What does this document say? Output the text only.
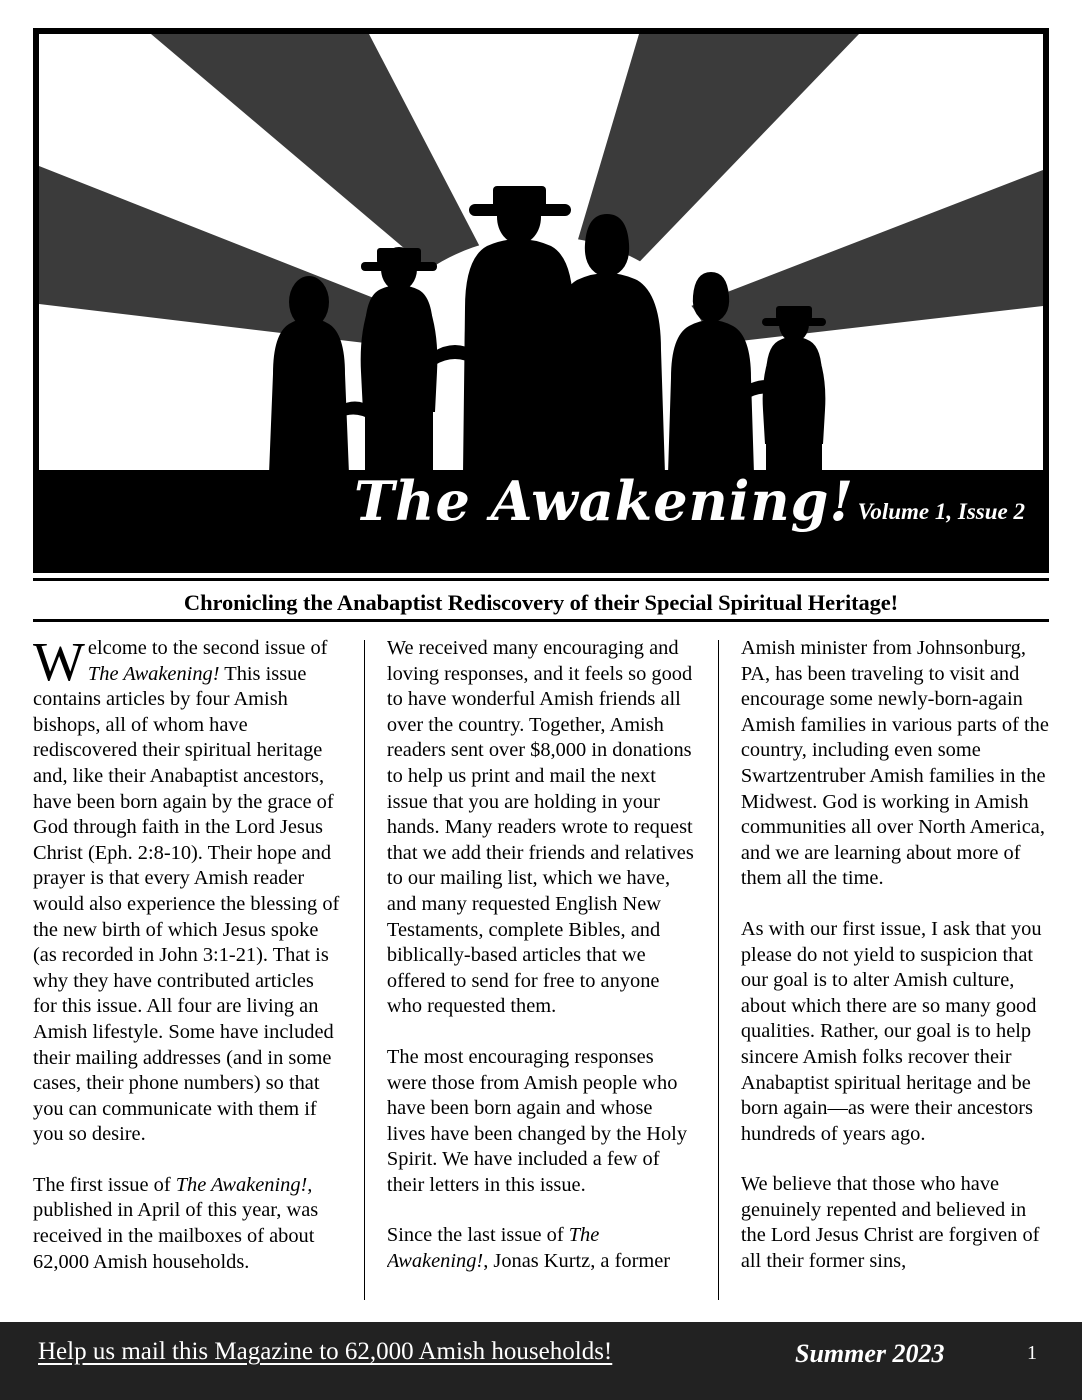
The Awakening! Volume 1, Issue 2
Chronicling the Anabaptist Rediscovery of their Special Spiritual Heritage!

Welcome to the second issue of The Awakening! This issue contains articles by four Amish bishops, all of whom have rediscovered their spiritual heritage and, like their Anabaptist ancestors, have been born again by the grace of God through faith in the Lord Jesus Christ (Eph. 2:8-10). Their hope and prayer is that every Amish reader would also experience the blessing of the new birth of which Jesus spoke (as recorded in John 3:1-21). That is why they have contributed articles for this issue. All four are living an Amish lifestyle. Some have included their mailing addresses (and in some cases, their phone numbers) so that you can communicate with them if you so desire.

The first issue of The Awakening!, published in April of this year, was received in the mailboxes of about 62,000 Amish households.

We received many encouraging and loving responses, and it feels so good to have wonderful Amish friends all over the country. Together, Amish readers sent over $8,000 in donations to help us print and mail the next issue that you are holding in your hands. Many readers wrote to request that we add their friends and relatives to our mailing list, which we have, and many requested English New Testaments, complete Bibles, and biblically-based articles that we offered to send for free to anyone who requested them.

The most encouraging responses were those from Amish people who have been born again and whose lives have been changed by the Holy Spirit. We have included a few of their letters in this issue.

Since the last issue of The Awakening!, Jonas Kurtz, a former

Amish minister from Johnsonburg, PA, has been traveling to visit and encourage some newly-born-again Amish families in various parts of the country, including even some Swartzentruber Amish families in the Midwest. God is working in Amish communities all over North America, and we are learning about more of them all the time.

As with our first issue, I ask that you please do not yield to suspicion that our goal is to alter Amish culture, about which there are so many good qualities. Rather, our goal is to help sincere Amish folks recover their Anabaptist spiritual heritage and be born again—as were their ancestors hundreds of years ago.

We believe that those who have genuinely repented and believed in the Lord Jesus Christ are forgiven of all their former sins,

Help us mail this Magazine to 62,000 Amish households!	Summer 2023	1
